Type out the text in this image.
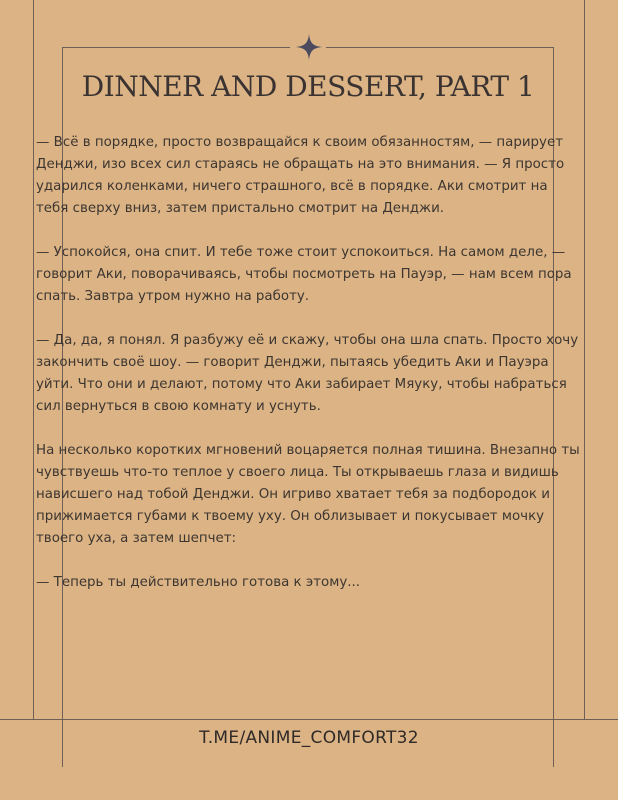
DINNER AND DESSERT, PART 1

— Всё в порядке, просто возвращайся к своим обязанностям, — парирует Денджи, изо всех сил стараясь не обращать на это внимания. — Я просто ударился коленками, ничего страшного, всё в порядке. Аки смотрит на тебя сверху вниз, затем пристально смотрит на Денджи.

— Успокойся, она спит. И тебе тоже стоит успокоиться. На самом деле, — говорит Аки, поворачиваясь, чтобы посмотреть на Пауэр, — нам всем пора спать. Завтра утром нужно на работу.

— Да, да, я понял. Я разбужу её и скажу, чтобы она шла спать. Просто хочу закончить своё шоу. — говорит Денджи, пытаясь убедить Аки и Пауэра уйти. Что они и делают, потому что Аки забирает Мяуку, чтобы набраться сил вернуться в свою комнату и уснуть.

На несколько коротких мгновений воцаряется полная тишина. Внезапно ты чувствуешь что-то теплое у своего лица. Ты открываешь глаза и видишь нависшего над тобой Денджи. Он игриво хватает тебя за подбородок и прижимается губами к твоему уху. Он облизывает и покусывает мочку твоего уха, а затем шепчет:

— Теперь ты действительно готова к этому...

T.ME/ANIME_COMFORT32
